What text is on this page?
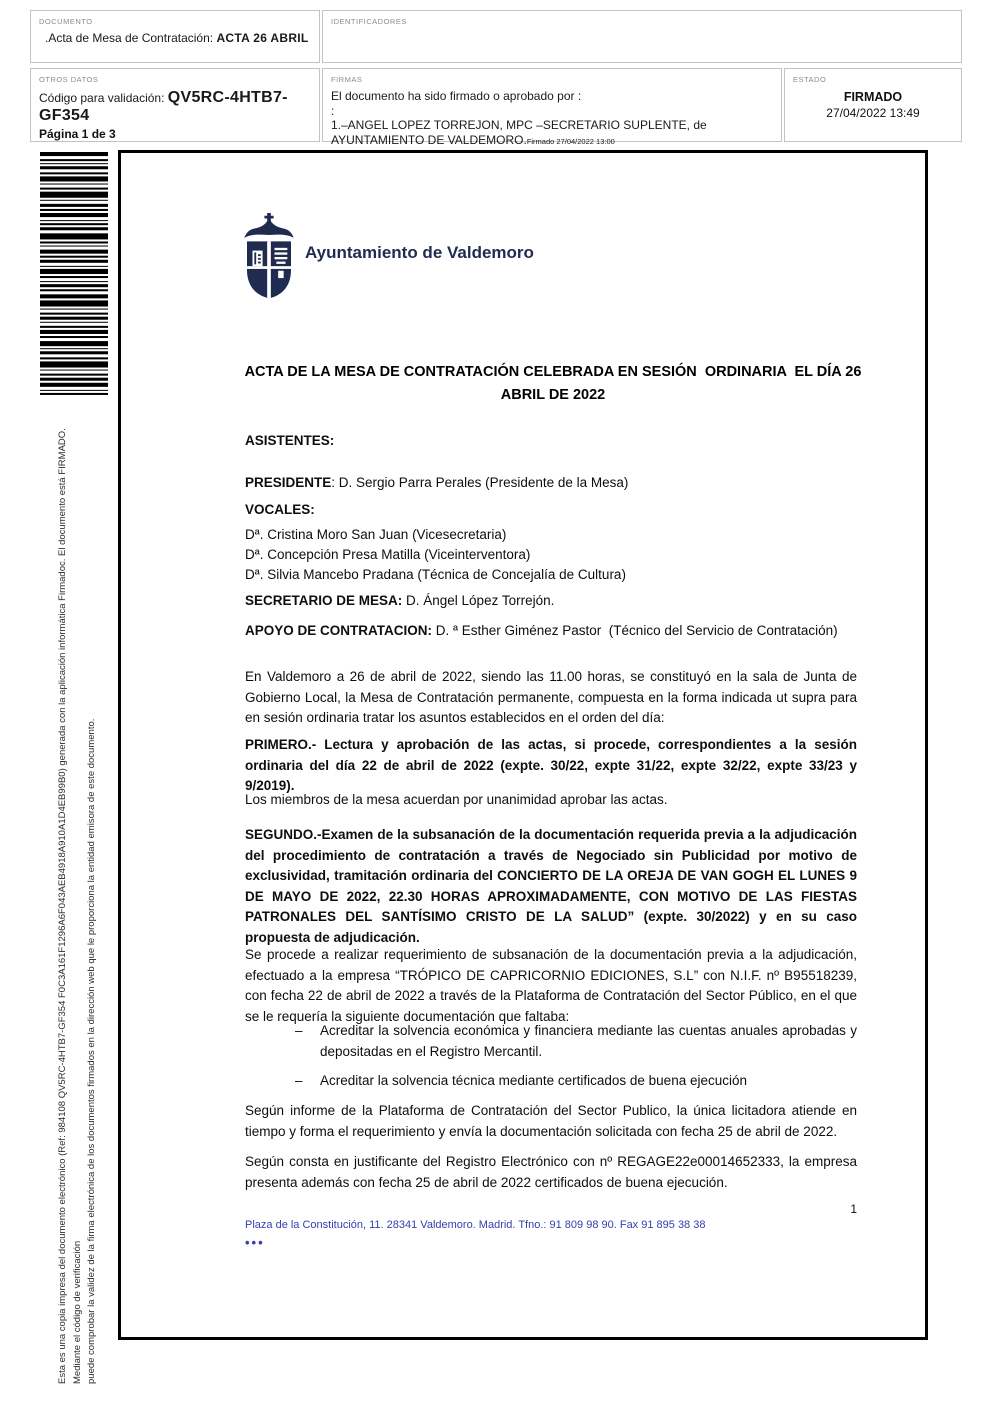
DOCUMENTO
.Acta de Mesa de Contratación: ACTA 26 ABRIL
IDENTIFICADORES
OTROS DATOS
Código para validación: QV5RC-4HTB7-GF354
Página 1 de 3
FIRMAS
El documento ha sido firmado o aprobado por :
:
1.–ANGEL LOPEZ TORREJON, MPC –SECRETARIO SUPLENTE, de AYUNTAMIENTO DE VALDEMORO.Firmado 27/04/2022 13:00
ESTADO
FIRMADO
27/04/2022 13:49
Esta es una copia impresa del documento electrónico (Ref: 984108 QV5RC-4HTB7-GF354 F0C3A161F1296A6F043AEB4918A910A1D4EB99B0) generada con la aplicación informática Firmadoc. El documento está FIRMADO. Mediante el código de verificación puede comprobar la validez de la firma electrónica de los documentos firmados en la dirección web que le proporciona la entidad emisora de este documento.
Ayuntamiento de Valdemoro
ACTA DE LA MESA DE CONTRATACIÓN CELEBRADA EN SESIÓN  ORDINARIA  EL DÍA 26 ABRIL DE 2022
ASISTENTES:
PRESIDENTE: D. Sergio Parra Perales (Presidente de la Mesa)
VOCALES:
Dª. Cristina Moro San Juan (Vicesecretaria)
Dª. Concepción Presa Matilla (Viceinterventora)
Dª. Silvia Mancebo Pradana (Técnica de Concejalía de Cultura)
SECRETARIO DE MESA: D. Ángel López Torrejón.
APOYO DE CONTRATACION: D. ª Esther Giménez Pastor  (Técnico del Servicio de Contratación)
En Valdemoro a 26 de abril de 2022, siendo las 11.00 horas, se constituyó en la sala de Junta de Gobierno Local, la Mesa de Contratación permanente, compuesta en la forma indicada ut supra para en sesión ordinaria tratar los asuntos establecidos en el orden del día:
PRIMERO.- Lectura y aprobación de las actas, si procede, correspondientes a la sesión ordinaria del día 22 de abril de 2022 (expte. 30/22, expte 31/22, expte 32/22, expte 33/23 y 9/2019).
Los miembros de la mesa acuerdan por unanimidad aprobar las actas.
SEGUNDO.-Examen de la subsanación de la documentación requerida previa a la adjudicación del procedimiento de contratación a través de Negociado sin Publicidad por motivo de exclusividad, tramitación ordinaria del CONCIERTO DE LA OREJA DE VAN GOGH EL LUNES 9 DE MAYO DE 2022, 22.30 HORAS APROXIMADAMENTE, CON MOTIVO DE LAS FIESTAS PATRONALES DEL SANTÍSIMO CRISTO DE LA SALUD” (expte. 30/2022) y en su caso propuesta de adjudicación.
Se procede a realizar requerimiento de subsanación de la documentación previa a la adjudicación, efectuado a la empresa “TRÓPICO DE CAPRICORNIO EDICIONES, S.L” con N.I.F. nº B95518239, con fecha 22 de abril de 2022 a través de la Plataforma de Contratación del Sector Público, en el que se le requería la siguiente documentación que faltaba:
–	Acreditar la solvencia económica y financiera mediante las cuentas anuales aprobadas y depositadas en el Registro Mercantil.
–	Acreditar la solvencia técnica mediante certificados de buena ejecución
Según informe de la Plataforma de Contratación del Sector Publico, la única licitadora atiende en tiempo y forma el requerimiento y envía la documentación solicitada con fecha 25 de abril de 2022.
Según consta en justificante del Registro Electrónico con nº REGAGE22e00014652333, la empresa presenta además con fecha 25 de abril de 2022 certificados de buena ejecución.
1
Plaza de la Constitución, 11. 28341 Valdemoro. Madrid. Tfno.: 91 809 98 90. Fax 91 895 38 38
•••
